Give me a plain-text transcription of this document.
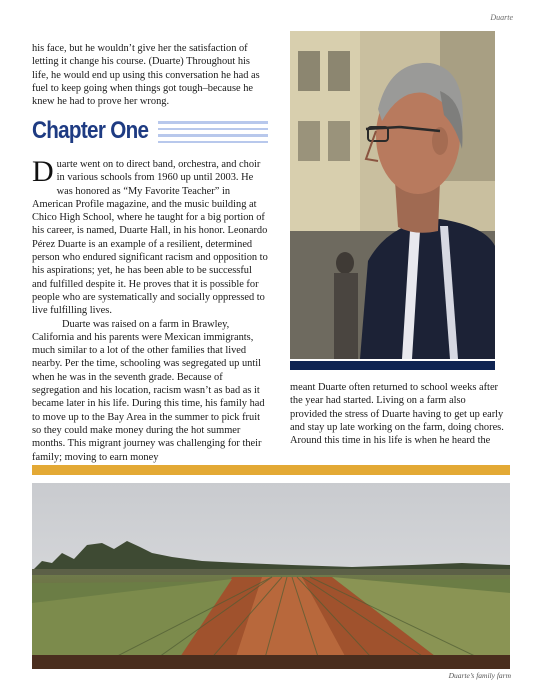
Duarte

his face, but he wouldn’t give her the satisfaction of letting it change his course. (Duarte) Throughout his life, he would end up using this conversation he had as fuel to keep going when things got tough–because he knew he had to prove her wrong.

Chapter One

Duarte went on to direct band, orchestra, and choir in various schools from 1960 up until 2003. He was honored as “My Favorite Teacher” in American Profile magazine, and the music building at Chico High School, where he taught for a big portion of his career, is named, Duarte Hall, in his honor. Leonardo Pérez Duarte is an example of a resilient, determined person who endured significant racism and opposition to his aspirations; yet, he has been able to be successful and fulfilled despite it. He proves that it is possible for people who are systematically and socially oppressed to live fulfilling lives.

Duarte was raised on a farm in Brawley, California and his parents were Mexican immigrants, much similar to a lot of the other families that lived nearby. Per the time, schooling was segregated up until when he was in the seventh grade. Because of segregation and his location, racism wasn’t as bad as it became later in his life. During this time, his family had to move up to the Bay Area in the summer to pick fruit so they could make money during the hot summer months. This migrant journey was challenging for their family; moving to earn money

meant Duarte often returned to school weeks after the year had started. Living on a farm also provided the stress of Duarte having to get up early and stay up late working on the farm, doing chores.

Around this time in his life is when he heard the

Duarte’s family farm
